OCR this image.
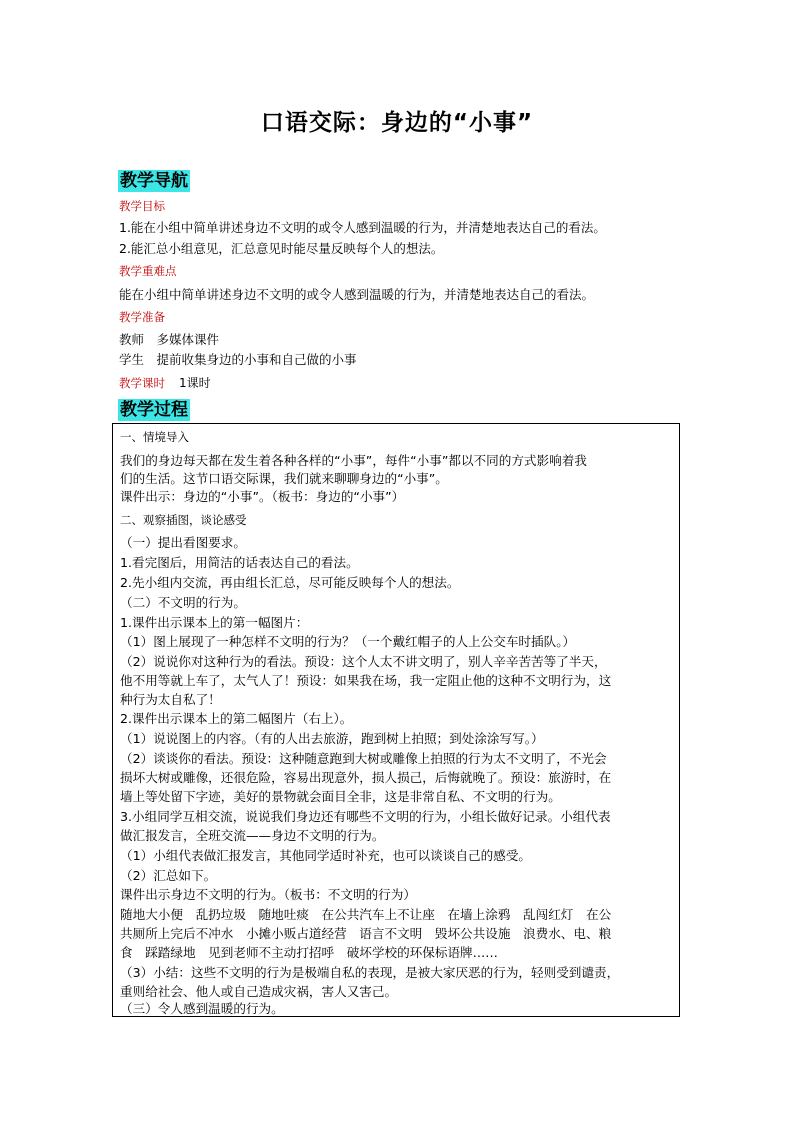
口语交际：身边的“小事”
教学导航
教学目标
1.能在小组中简单讲述身边不文明的或令人感到温暖的行为，并清楚地表达自己的看法。
2.能汇总小组意见，汇总意见时能尽量反映每个人的想法。
教学重难点
能在小组中简单讲述身边不文明的或令人感到温暖的行为，并清楚地表达自己的看法。
教学准备
教师　多媒体课件
学生　提前收集身边的小事和自己做的小事
教学课时 1课时
教学过程
一、情境导入
我们的身边每天都在发生着各种各样的“小事”，每件“小事”都以不同的方式影响着我
们的生活。这节口语交际课，我们就来聊聊身边的“小事”。
课件出示：身边的“小事”。（板书：身边的“小事”）
二、观察插图，谈论感受
（一）提出看图要求。
1.看完图后，用简洁的话表达自己的看法。
2.先小组内交流，再由组长汇总，尽可能反映每个人的想法。
（二）不文明的行为。
1.课件出示课本上的第一幅图片：
（1）图上展现了一种怎样不文明的行为？（一个戴红帽子的人上公交车时插队。）
（2）说说你对这种行为的看法。预设：这个人太不讲文明了，别人辛辛苦苦等了半天，
他不用等就上车了，太气人了！预设：如果我在场，我一定阻止他的这种不文明行为，这
种行为太自私了！
2.课件出示课本上的第二幅图片（右上）。
（1）说说图上的内容。（有的人出去旅游，跑到树上拍照；到处涂涂写写。）
（2）谈谈你的看法。预设：这种随意跑到大树或雕像上拍照的行为太不文明了，不光会
损坏大树或雕像，还很危险，容易出现意外，损人损己，后悔就晚了。预设：旅游时，在
墙上等处留下字迹，美好的景物就会面目全非，这是非常自私、不文明的行为。
3.小组同学互相交流，说说我们身边还有哪些不文明的行为，小组长做好记录。小组代表
做汇报发言，全班交流——身边不文明的行为。
（1）小组代表做汇报发言，其他同学适时补充，也可以谈谈自己的感受。
（2）汇总如下。
课件出示身边不文明的行为。（板书：不文明的行为）
随地大小便　乱扔垃圾　随地吐痰　在公共汽车上不让座　在墙上涂鸦　乱闯红灯　在公
共厕所上完后不冲水　小摊小贩占道经营　语言不文明　毁坏公共设施　浪费水、电、粮
食　踩踏绿地　见到老师不主动打招呼　破坏学校的环保标语牌……
（3）小结：这些不文明的行为是极端自私的表现，是被大家厌恶的行为，轻则受到谴责，
重则给社会、他人或自己造成灾祸，害人又害己。
（三）令人感到温暖的行为。
